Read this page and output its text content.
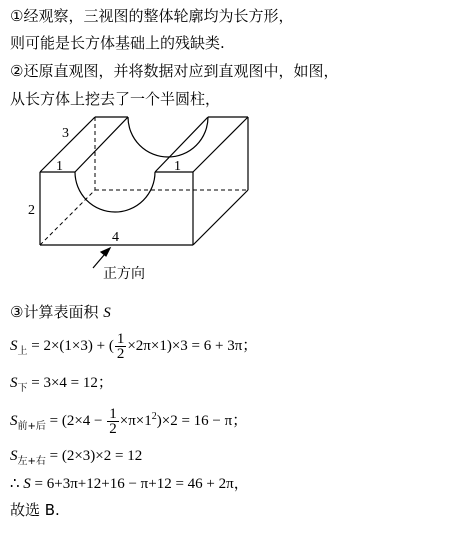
①经观察，三视图的整体轮廓均为长方形，
则可能是长方体基础上的残缺类.
②还原直观图，并将数据对应到直观图中，如图，
从长方体上挖去了一个半圆柱，
3
1	1
2
4
正方向
③计算表面积 S
$S_上 = 2\times(1\times 3)$ + ( $\frac{1}{2} \times 2\pi\times 1)\times 3 = 6 + 3\pi$；
$S_下 = 3\times 4 = 12$；
$S_{前+后} = (2\times 4 - \frac{1}{2} \times\pi\times 1^2)\times 2 = 16 - \pi$；
$S_{左+右} = (2\times 3)\times 2 = 12$
∴ S = 6+3π+12+16 − π+12 = 46 + 2π，
故选 B.
